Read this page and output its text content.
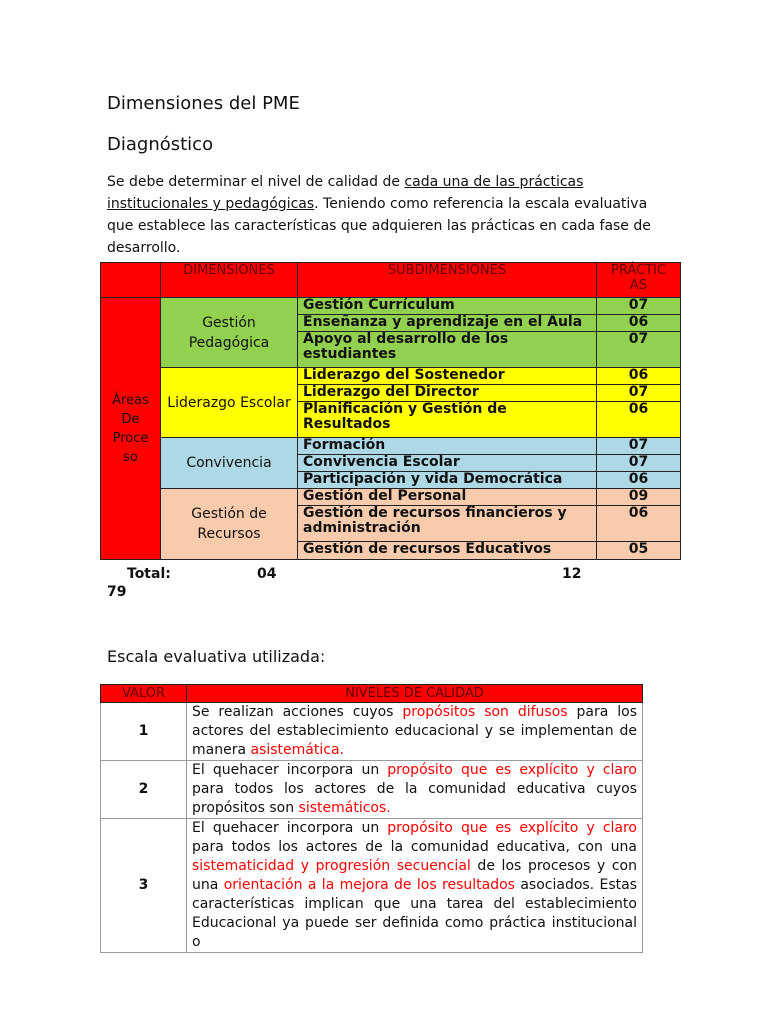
Dimensiones del PME
Diagnóstico
Se debe determinar el nivel de calidad de cada una de las prácticas institucionales y pedagógicas. Teniendo como referencia la escala evaluativa que establece las características que adquieren las prácticas en cada fase de desarrollo.
	DIMENSIONES	SUBDIMENSIONES	PRÁCTIC AS
Áreas De Proce so	Gestión Pedagógica	Gestión Currículum	07
		Enseñanza y aprendizaje en el Aula	06
		Apoyo al desarrollo de los estudiantes	07
	Liderazgo Escolar	Liderazgo del Sostenedor	06
		Liderazgo del Director	07
		Planificación y Gestión de Resultados	06
	Convivencia	Formación	07
		Convivencia Escolar	07
		Participación y vida Democrática	06
	Gestión de Recursos	Gestión del Personal	09
		Gestión de recursos financieros y administración	06
		Gestión de recursos Educativos	05
Total:	04	12
79
Escala evaluativa utilizada:
VALOR	NIVELES DE CALIDAD
1	Se realizan acciones cuyos propósitos son difusos para los actores del establecimiento educacional y se implementan de manera asistemática.
2	El quehacer incorpora un propósito que es explícito y claro para todos los actores de la comunidad educativa cuyos propósitos son sistemáticos.
3	El quehacer incorpora un propósito que es explícito y claro para todos los actores de la comunidad educativa, con una sistematicidad y progresión secuencial de los procesos y con una orientación a la mejora de los resultados asociados. Estas características implican que una tarea del establecimiento Educacional ya puede ser definida como práctica institucional o
